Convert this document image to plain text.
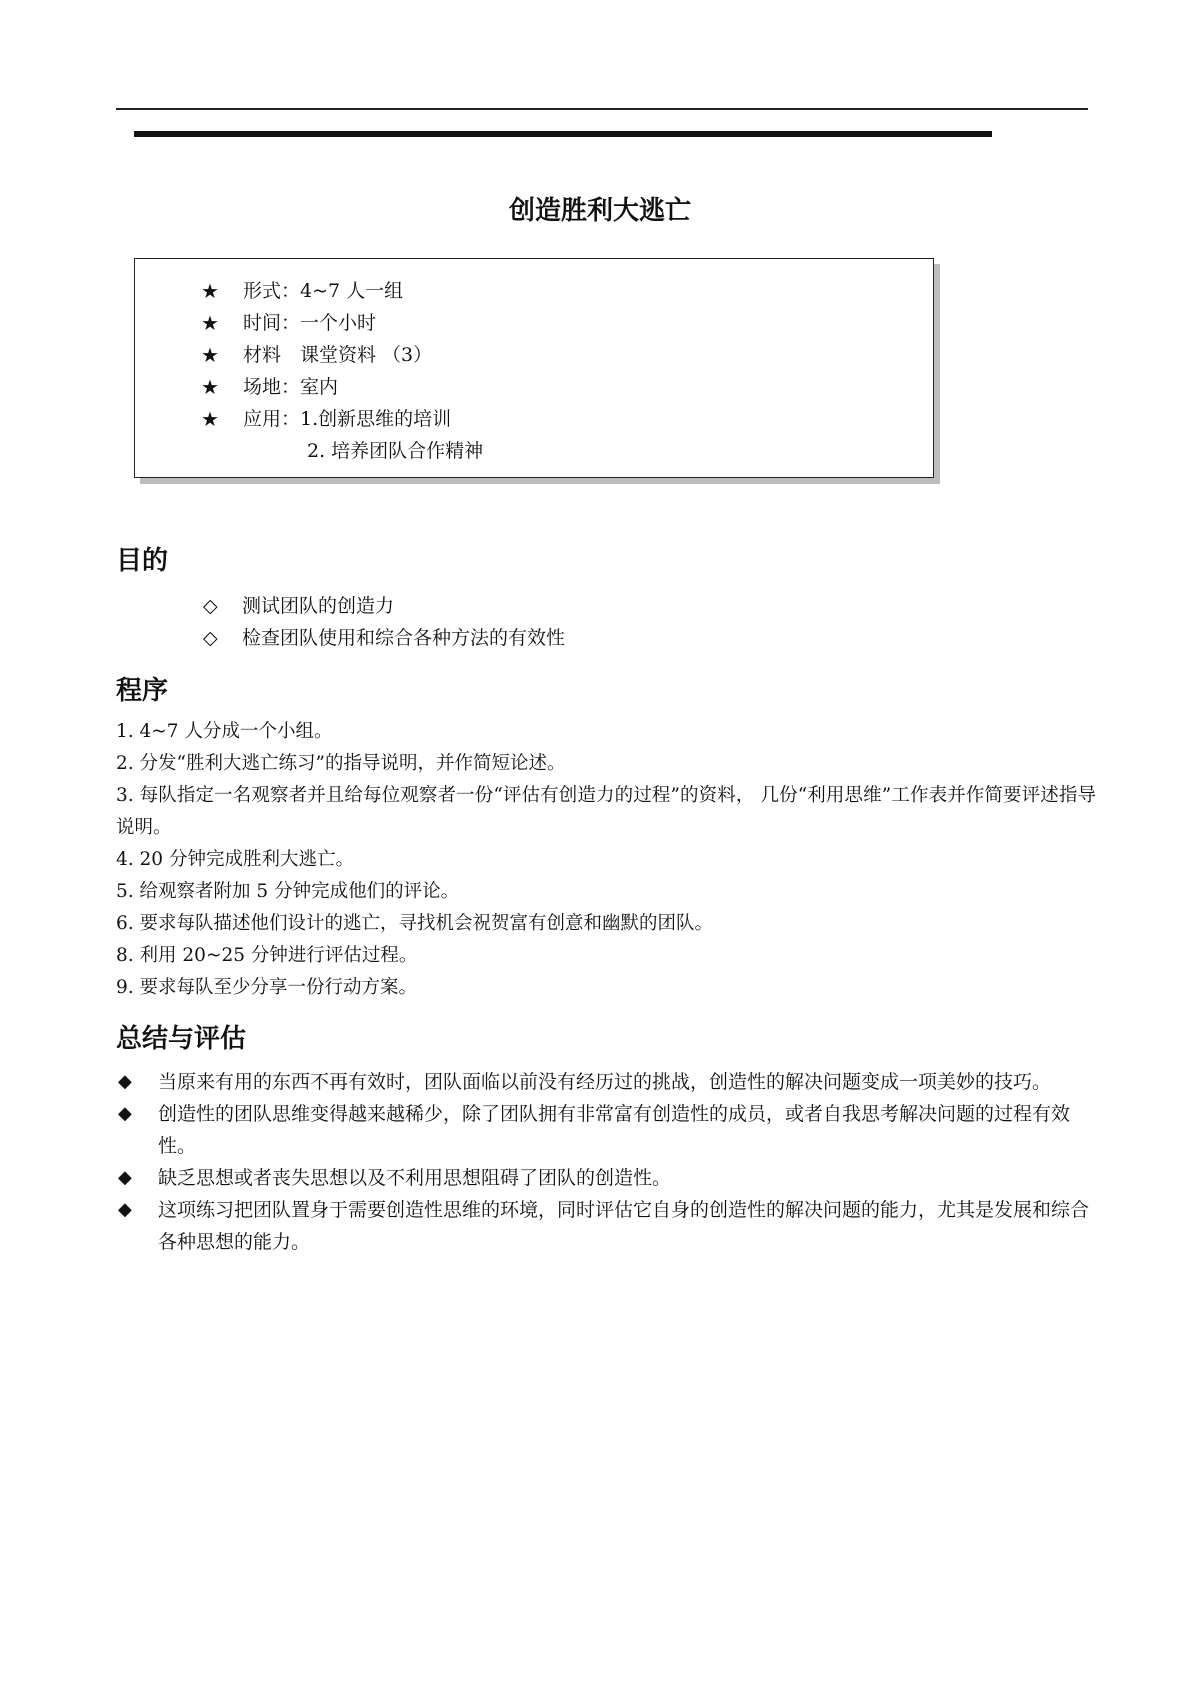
创造胜利大逃亡
★ 形式：4~7 人一组
★ 时间：一个小时
★ 材料　课堂资料 （3）
★ 场地：室内
★ 应用：1.创新思维的培训
2. 培养团队合作精神
目的
◇ 测试团队的创造力
◇ 检查团队使用和综合各种方法的有效性
程序

1. 4~7 人分成一个小组。

2. 分发“胜利大逃亡练习”的指导说明，并作简短论述。

3. 每队指定一名观察者并且给每位观察者一份“评估有创造力的过程”的资料， 几份“利用思维”工作表并作简要评述指导说明。

4. 20 分钟完成胜利大逃亡。

5. 给观察者附加 5 分钟完成他们的评论。

6. 要求每队描述他们设计的逃亡，寻找机会祝贺富有创意和幽默的团队。

8. 利用 20~25 分钟进行评估过程。

9. 要求每队至少分享一份行动方案。

总结与评估
◆ 当原来有用的东西不再有效时，团队面临以前没有经历过的挑战，创造性的解决问题变成一项美妙的技巧。
◆ 创造性的团队思维变得越来越稀少，除了团队拥有非常富有创造性的成员，或者自我思考解决问题的过程有效性。
◆ 缺乏思想或者丧失思想以及不利用思想阻碍了团队的创造性。
◆ 这项练习把团队置身于需要创造性思维的环境，同时评估它自身的创造性的解决问题的能力，尤其是发展和综合各种思想的能力。
